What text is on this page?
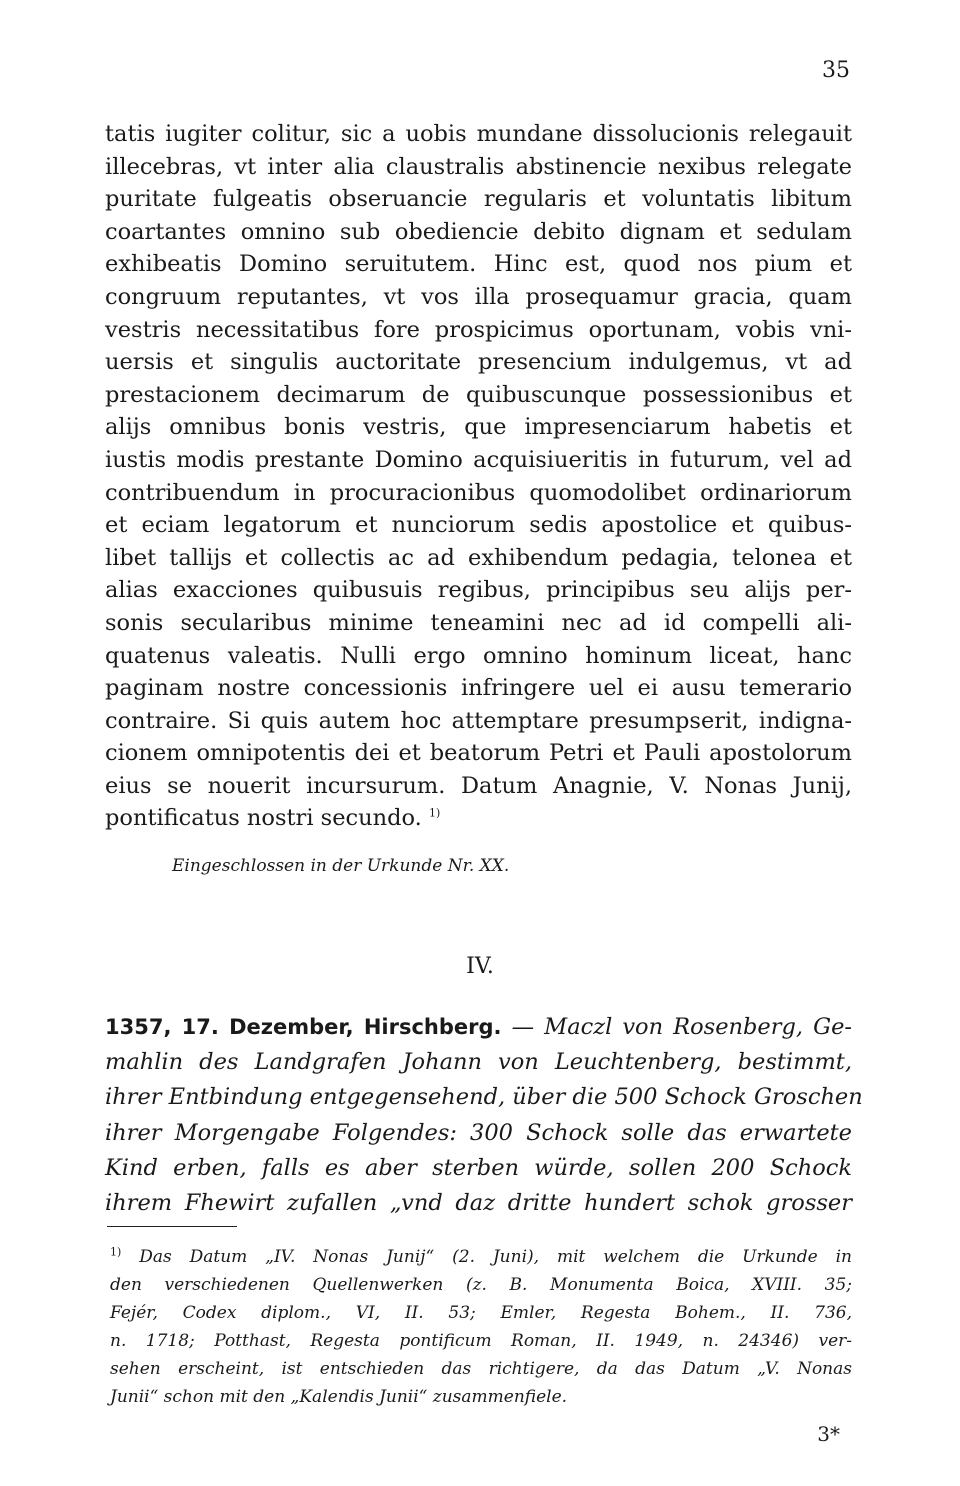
35
tatis iugiter colitur, sic a uobis mundane dissolucionis relegauit
illecebras, vt inter alia claustralis abstinencie nexibus relegate
puritate fulgeatis obseruancie regularis et voluntatis libitum
coartantes omnino sub obediencie debito dignam et sedulam
exhibeatis Domino seruitutem. Hinc est, quod nos pium et
congruum reputantes, vt vos illa prosequamur gracia, quam
vestris necessitatibus fore prospicimus oportunam, vobis vni-
uersis et singulis auctoritate presencium indulgemus, vt ad
prestacionem decimarum de quibuscunque possessionibus et
alijs omnibus bonis vestris, que impresenciarum habetis et
iustis modis prestante Domino acquisiueritis in futurum, vel ad
contribuendum in procuracionibus quomodolibet ordinariorum
et eciam legatorum et nunciorum sedis apostolice et quibus-
libet tallijs et collectis ac ad exhibendum pedagia, telonea et
alias exacciones quibusuis regibus, principibus seu alijs per-
sonis secularibus minime teneamini nec ad id compelli ali-
quatenus valeatis. Nulli ergo omnino hominum liceat, hanc
paginam nostre concessionis infringere uel ei ausu temerario
contraire. Si quis autem hoc attemptare presumpserit, indigna-
cionem omnipotentis dei et beatorum Petri et Pauli apostolorum
eius se nouerit incursurum. Datum Anagnie, V. Nonas Junij,
pontificatus nostri secundo. $^{1)}$
Eingeschlossen in der Urkunde Nr. XX.
IV.
1357, 17. Dezember, Hirschberg. — Maczl von Rosenberg, Ge-
mahlin des Landgrafen Johann von Leuchtenberg, bestimmt,
ihrer Entbindung entgegensehend, über die 500 Schock Groschen
ihrer Morgengabe Folgendes: 300 Schock solle das erwartete
Kind erben, falls es aber sterben würde, sollen 200 Schock
ihrem Fhewirt zufallen „vnd daz dritte hundert schok grosser
$^{1)}$ Das Datum „IV. Nonas Junij“ (2. Juni), mit welchem die Urkunde in
den verschiedenen Quellenwerken (z. B. Monumenta Boica, XVIII. 35;
Fejér, Codex diplom., VI, II. 53; Emler, Regesta Bohem., II. 736,
n. 1718; Potthast, Regesta pontificum Roman, II. 1949, n. 24346) ver-
sehen erscheint, ist entschieden das richtigere, da das Datum „V. Nonas
Junii“ schon mit den „Kalendis Junii“ zusammenfiele.
3*
